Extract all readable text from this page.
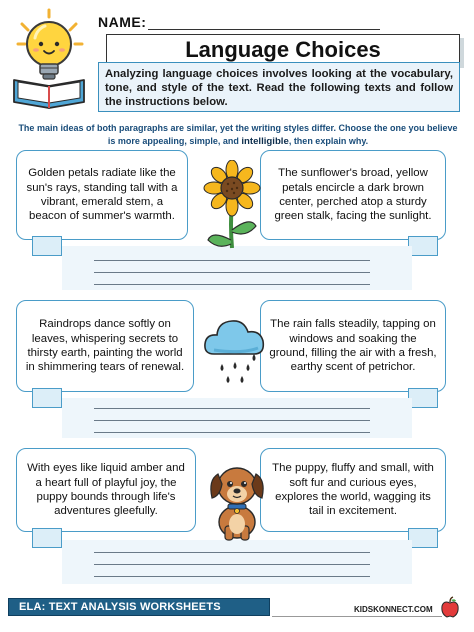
NAME:
Language Choices
Analyzing language choices involves looking at the vocabulary, tone, and style of the text. Read the following texts and follow the instructions below.
The main ideas of both paragraphs are similar, yet the writing styles differ. Choose the one you believe is more appealing, simple, and intelligible, then explain why.
Golden petals radiate like the sun's rays, standing tall with a vibrant, emerald stem, a beacon of summer's warmth.
The sunflower's broad, yellow petals encircle a dark brown center, perched atop a sturdy green stalk, facing the sunlight.
Raindrops dance softly on leaves, whispering secrets to thirsty earth, painting the world in shimmering tears of renewal.
The rain falls steadily, tapping on windows and soaking the ground, filling the air with a fresh, earthy scent of petrichor.
With eyes like liquid amber and a heart full of playful joy, the puppy bounds through life's adventures gleefully.
The puppy, fluffy and small, with soft fur and curious eyes, explores the world, wagging its tail in excitement.
ELA: TEXT ANALYSIS WORKSHEETS	KIDSKONNECT.COM
